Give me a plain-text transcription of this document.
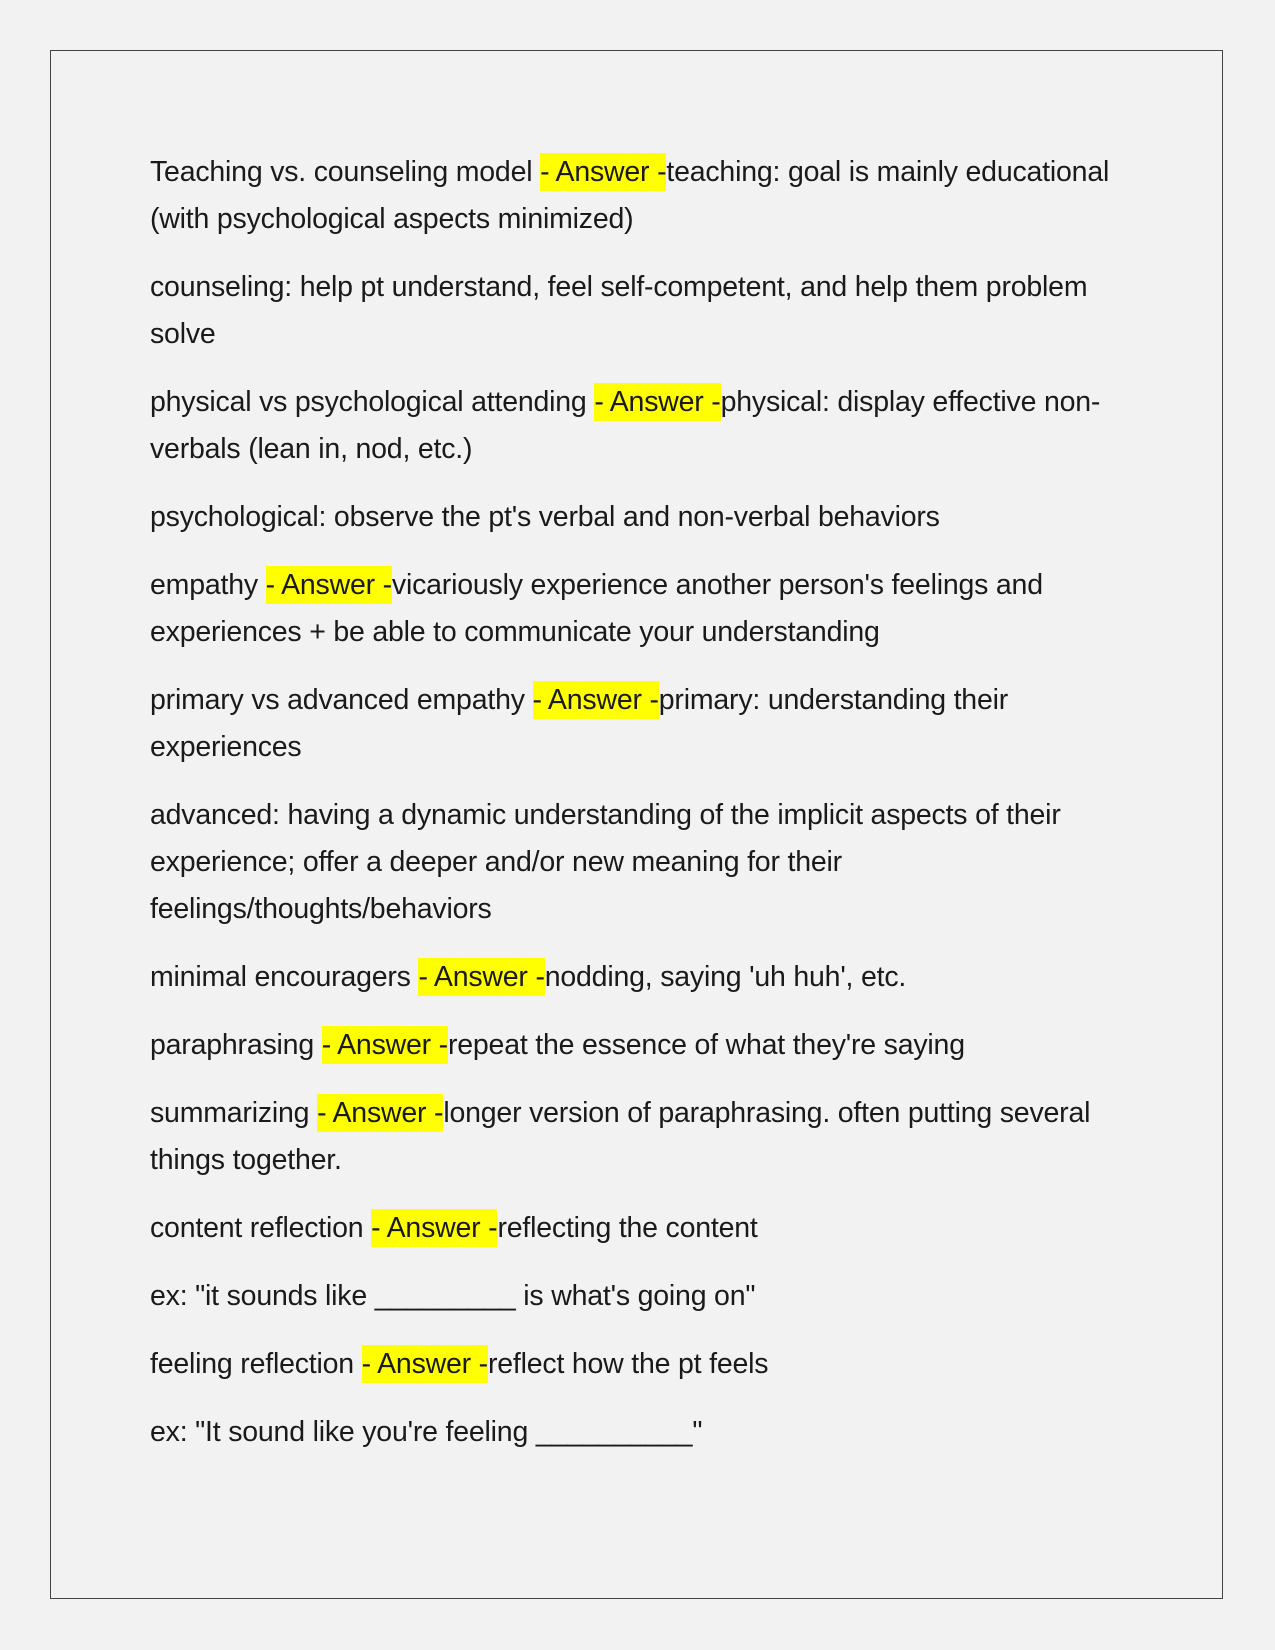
Teaching vs. counseling model - Answer -teaching: goal is mainly educational (with psychological aspects minimized)

counseling: help pt understand, feel self-competent, and help them problem solve

physical vs psychological attending - Answer -physical: display effective non-verbals (lean in, nod, etc.)

psychological: observe the pt's verbal and non-verbal behaviors

empathy - Answer -vicariously experience another person's feelings and experiences + be able to communicate your understanding

primary vs advanced empathy - Answer -primary: understanding their experiences

advanced: having a dynamic understanding of the implicit aspects of their experience; offer a deeper and/or new meaning for their feelings/thoughts/behaviors

minimal encouragers - Answer -nodding, saying 'uh huh', etc.

paraphrasing - Answer -repeat the essence of what they're saying

summarizing - Answer -longer version of paraphrasing. often putting several things together.

content reflection - Answer -reflecting the content

ex: "it sounds like _________ is what's going on"

feeling reflection - Answer -reflect how the pt feels

ex: "It sound like you're feeling __________"
